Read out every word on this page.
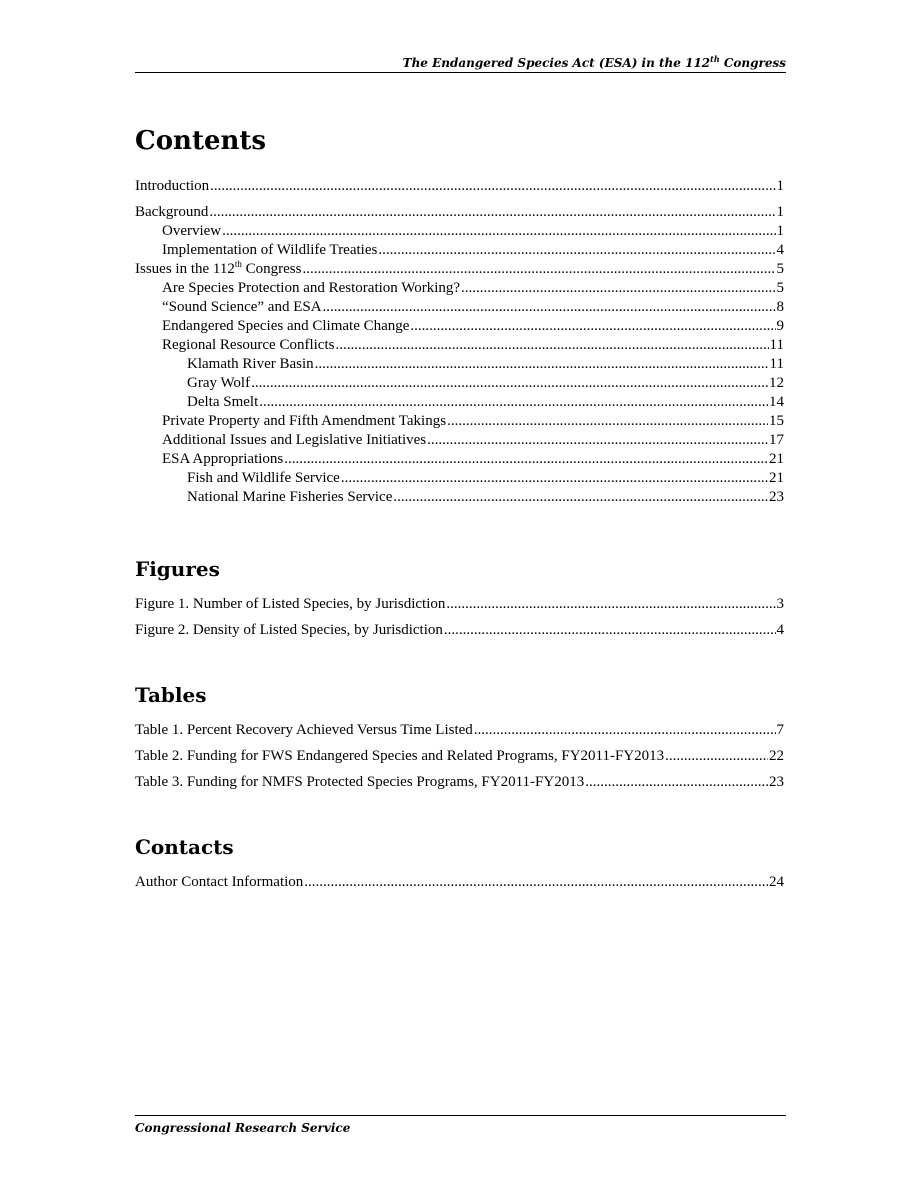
The Endangered Species Act (ESA) in the 112th Congress
Contents
Introduction .....	1
Background .....	1
Overview .....	1
Implementation of Wildlife Treaties .....	4
Issues in the 112th Congress .....	5
Are Species Protection and Restoration Working? .....	5
“Sound Science” and ESA .....	8
Endangered Species and Climate Change .....	9
Regional Resource Conflicts .....	11
Klamath River Basin .....	11
Gray Wolf .....	12
Delta Smelt .....	14
Private Property and Fifth Amendment Takings .....	15
Additional Issues and Legislative Initiatives .....	17
ESA Appropriations .....	21
Fish and Wildlife Service .....	21
National Marine Fisheries Service .....	23
Figures
Figure 1. Number of Listed Species, by Jurisdiction .....	3
Figure 2. Density of Listed Species, by Jurisdiction .....	4
Tables
Table 1. Percent Recovery Achieved Versus Time Listed .....	7
Table 2. Funding for FWS Endangered Species and Related Programs, FY2011-FY2013 .....	22
Table 3. Funding for NMFS Protected Species Programs, FY2011-FY2013 .....	23
Contacts
Author Contact Information .....	24
Congressional Research Service
